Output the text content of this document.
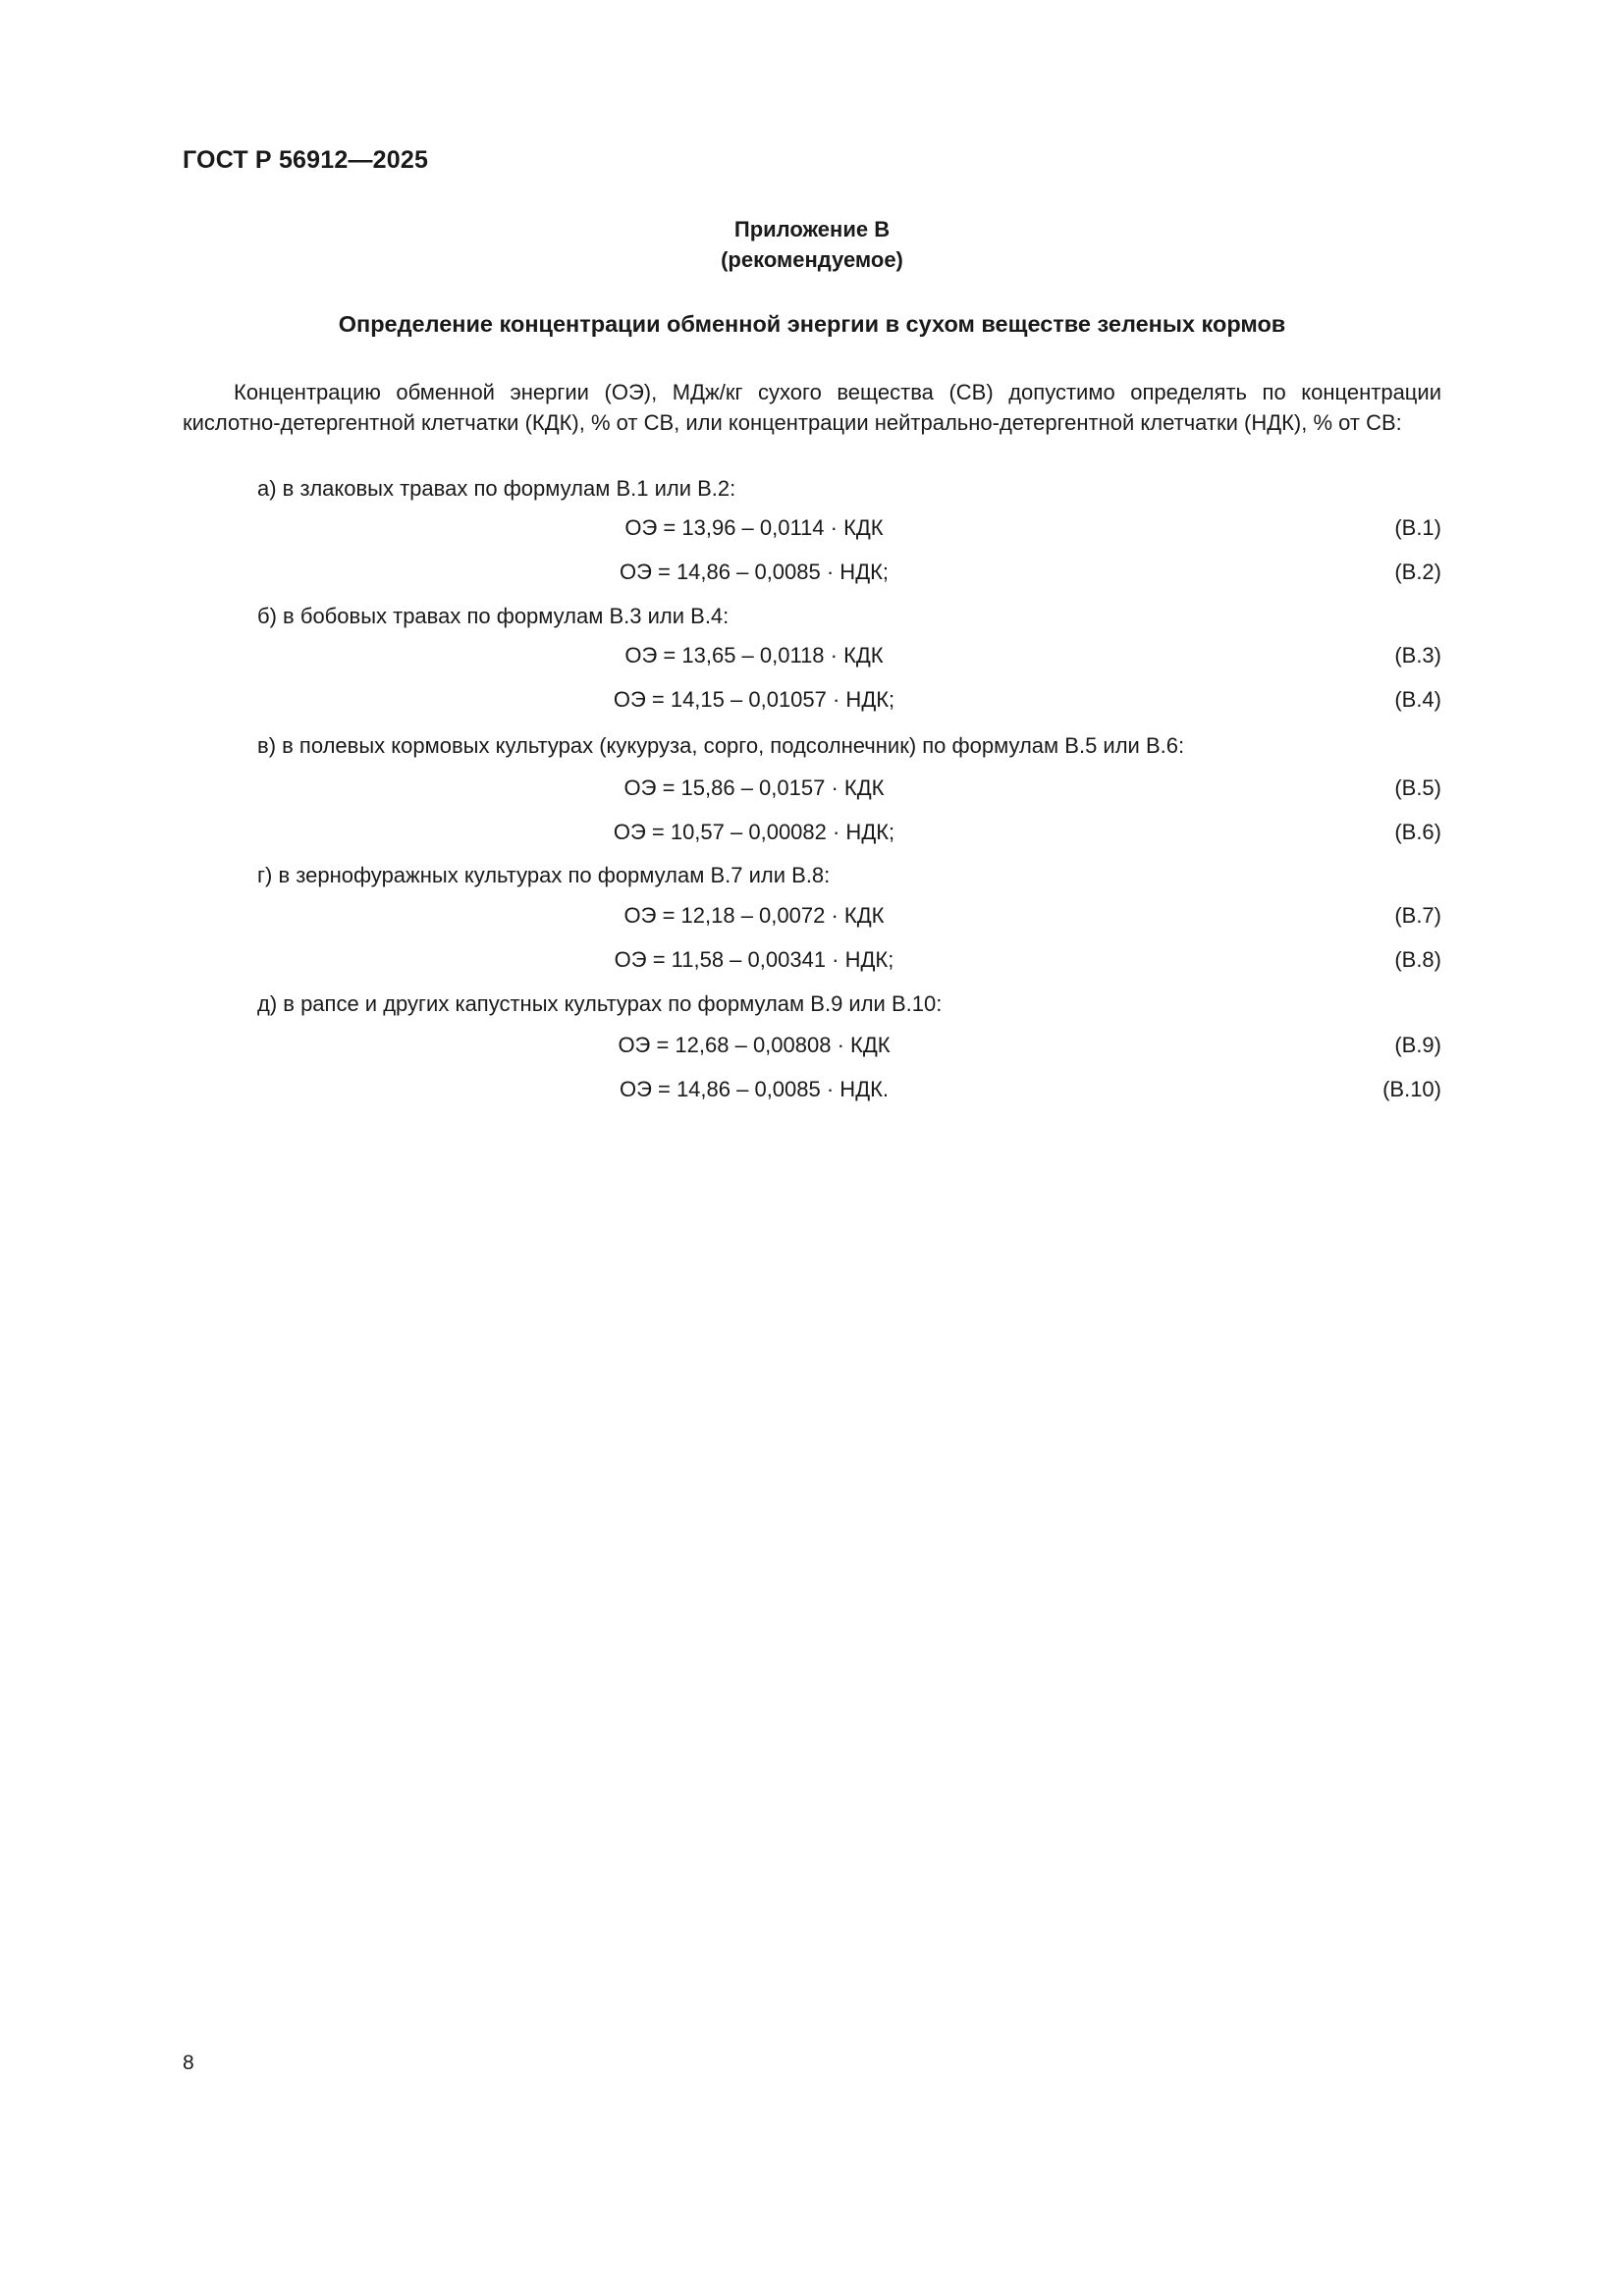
ГОСТ Р 56912—2025
Приложение В
(рекомендуемое)
Определение концентрации обменной энергии в сухом веществе зеленых кормов
Концентрацию обменной энергии (ОЭ), МДж/кг сухого вещества (СВ) допустимо определять по концентрации кислотно-детергентной клетчатки (КДК), % от СВ, или концентрации нейтрально-детергентной клетчатки (НДК), % от СВ:
а) в злаковых травах по формулам В.1 или В.2:
ОЭ = 13,96 – 0,0114 · КДК	(В.1)
ОЭ = 14,86 – 0,0085 · НДК;	(В.2)
б) в бобовых травах по формулам В.3 или В.4:
ОЭ = 13,65 – 0,0118 · КДК	(В.3)
ОЭ = 14,15 – 0,01057 · НДК;	(В.4)
в) в полевых кормовых культурах (кукуруза, сорго, подсолнечник) по формулам В.5 или В.6:
ОЭ = 15,86 – 0,0157 · КДК	(В.5)
ОЭ = 10,57 – 0,00082 · НДК;	(В.6)
г) в зернофуражных культурах по формулам В.7 или В.8:
ОЭ = 12,18 – 0,0072 · КДК	(В.7)
ОЭ = 11,58 – 0,00341 · НДК;	(В.8)
д) в рапсе и других капустных культурах по формулам В.9 или В.10:
ОЭ = 12,68 – 0,00808 · КДК	(В.9)
ОЭ = 14,86 – 0,0085 · НДК.	(В.10)
8
